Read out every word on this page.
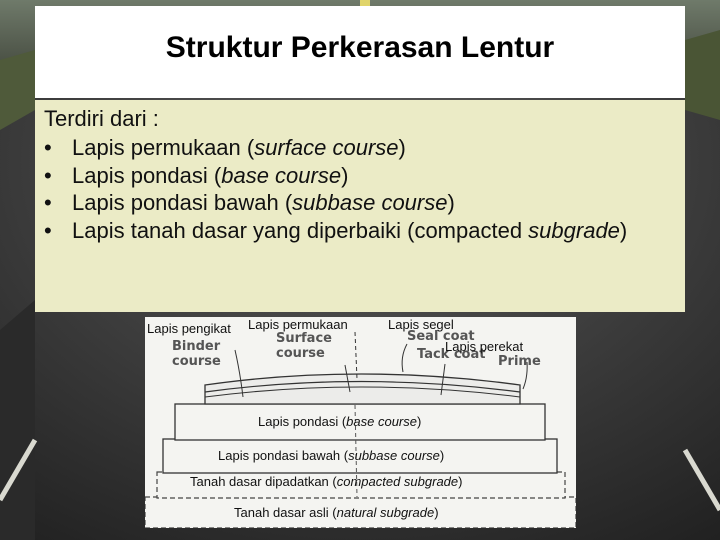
Struktur Perkerasan Lentur

Terdiri dari :

• Lapis permukaan (surface course)
• Lapis pondasi (base course)
• Lapis pondasi bawah (subbase course)
• Lapis tanah dasar yang diperbaiki (compacted subgrade)
Binder
course
Surface
course
Seal coat
Tack coat Prime
Lapis pengikat Lapis permukaan	Lapis segel
Lapis perekat
Lapis pondasi (base course)
Lapis pondasi bawah (subbase course)
Tanah dasar dipadatkan (compacted subgrade)
Tanah dasar asli (natural subgrade)
